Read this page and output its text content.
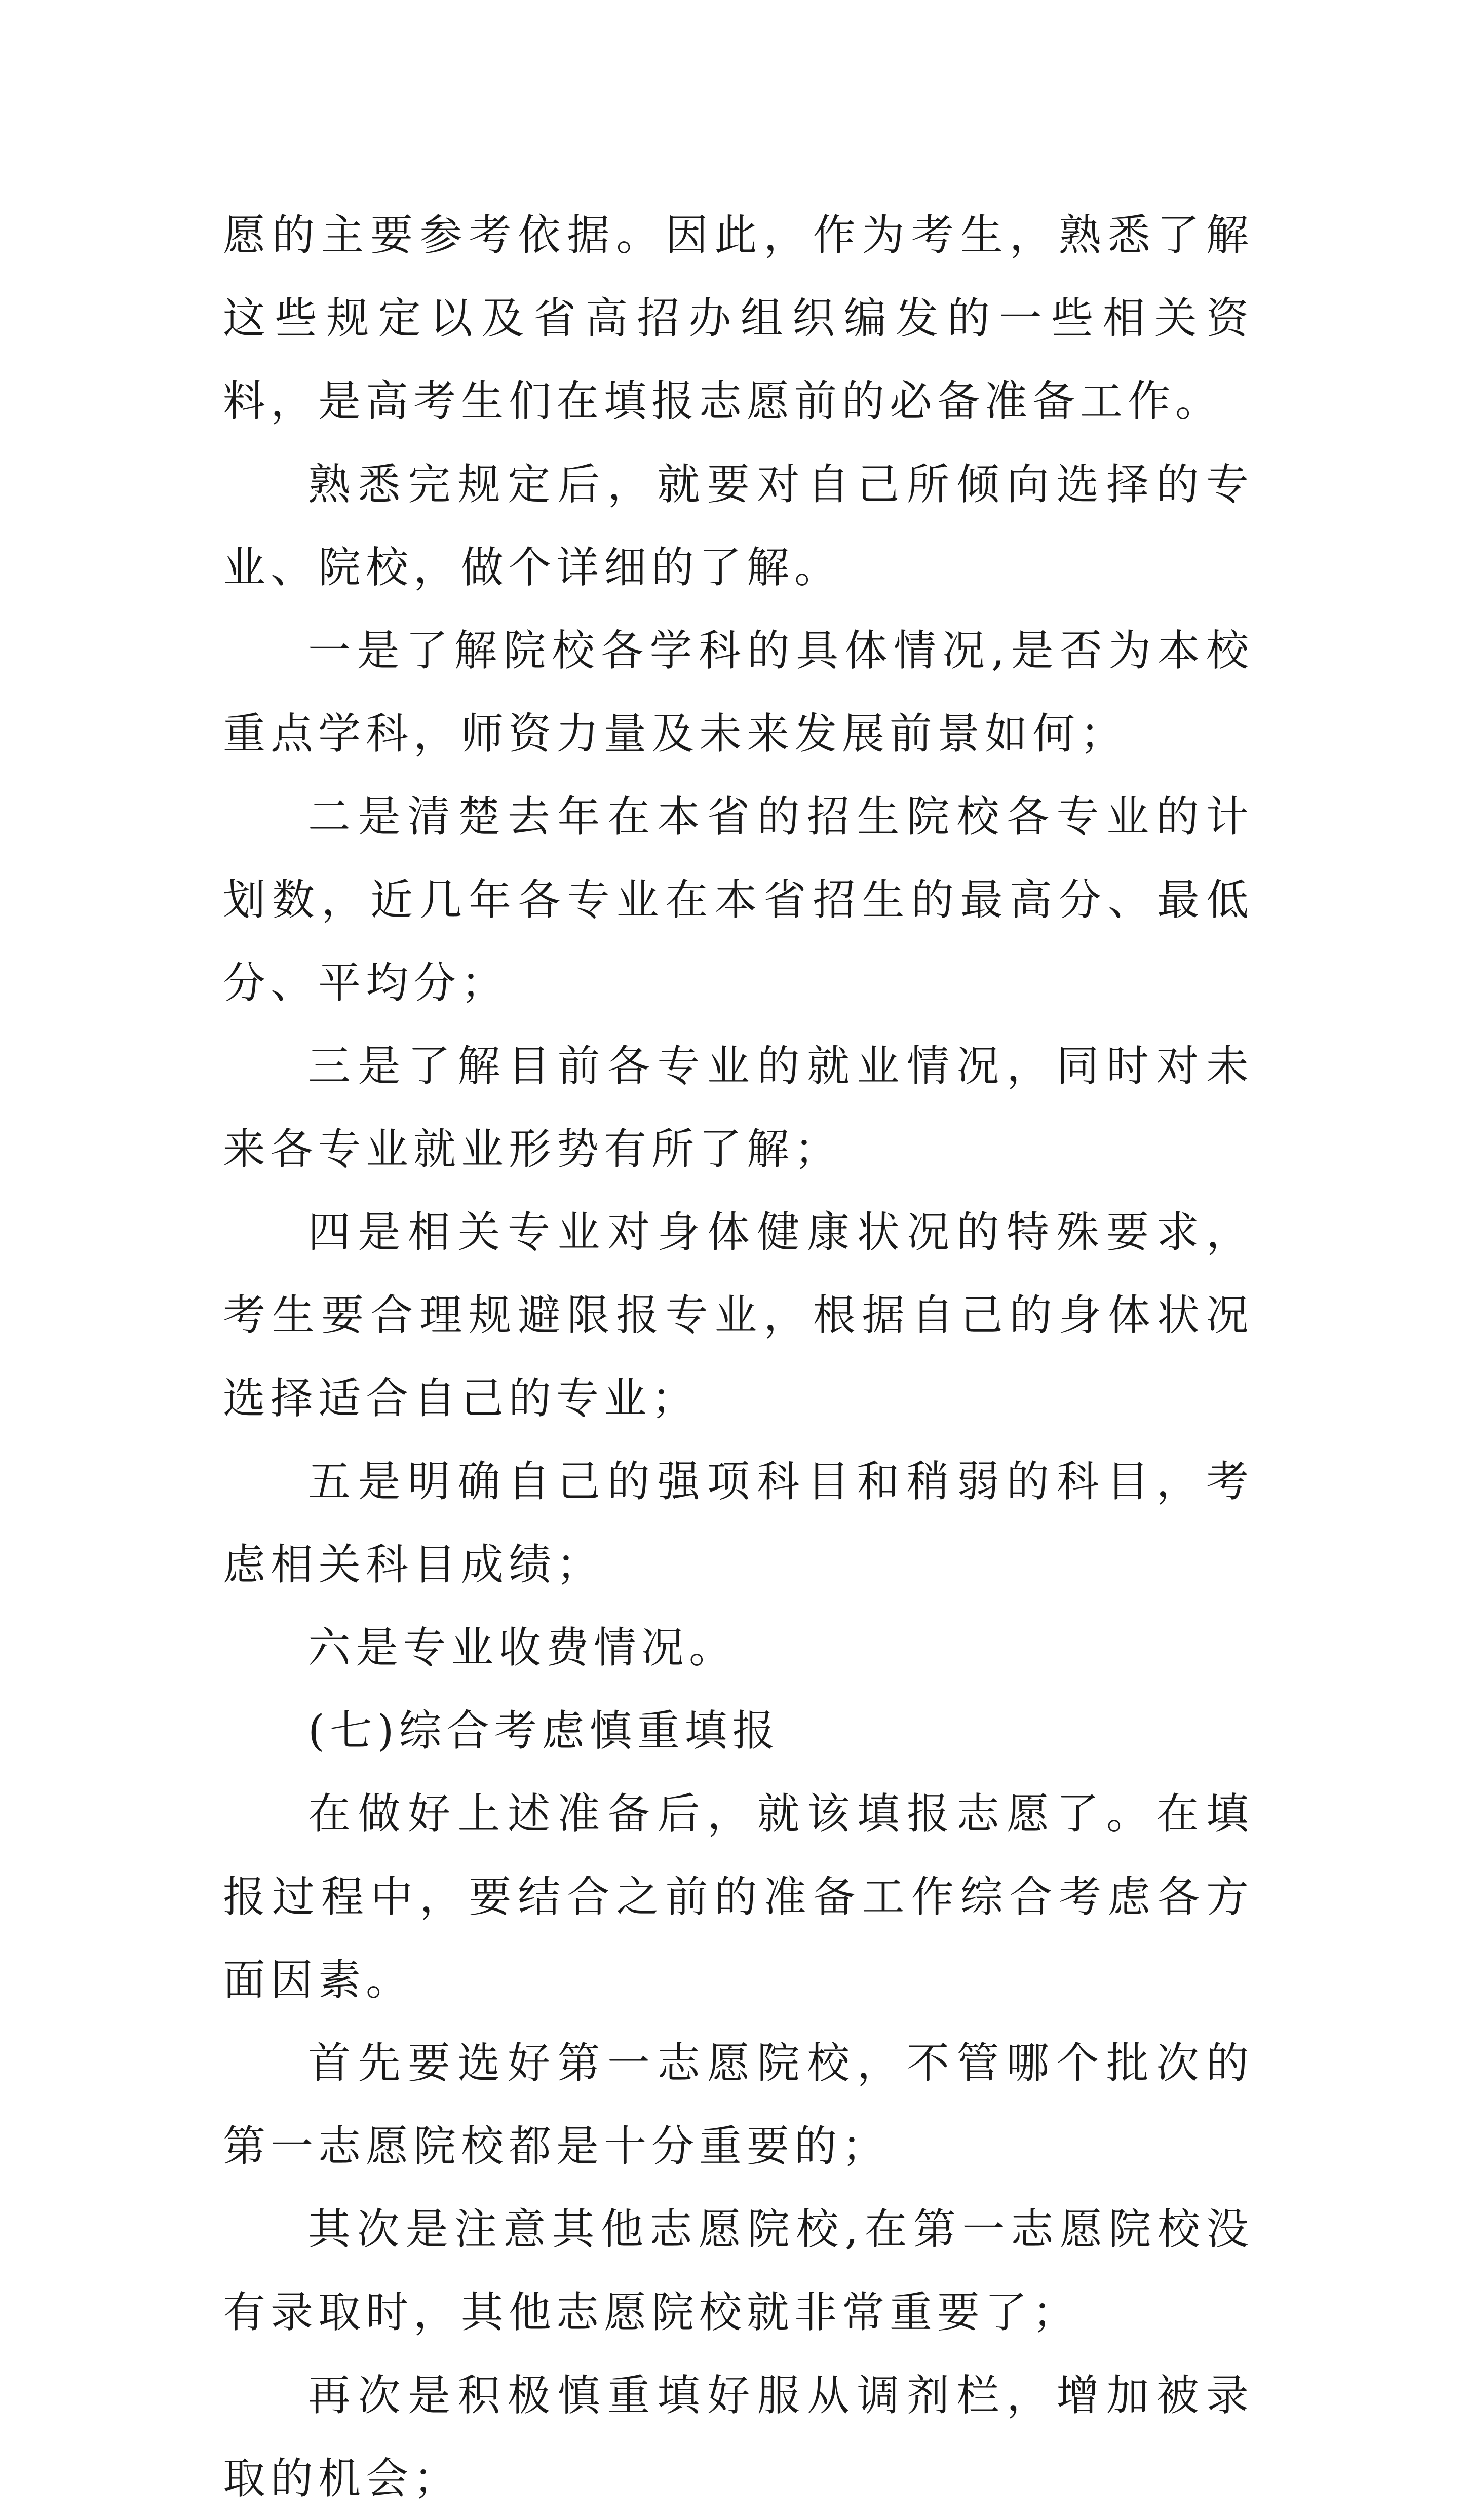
愿的主要参考依据。因此，作为考生，熟悉了解这些规定以及省高招办组织编发的一些相关资料，是高考生们在填报志愿前的必备准备工作。

熟悉完规定后，就要对自己所倾向选择的专业、院校，做个详细的了解。

一是了解院校各学科的具体情况,是否为本校重点学科，师资力量及未来发展前景如何；

二是清楚去年在本省的招生院校各专业的计划数，近几年各专业在本省招生的最高分、最低分、平均分；

三是了解目前各专业的就业情况，同时对未来各专业就业形势有所了解；

四是相关专业对身体健康状况的特殊要求，考生要合理规避限报专业，根据自己的身体状况选择适合自己的专业；

五是明确自己的强项科目和稍弱的科目，考虑相关科目成绩；

六是专业收费情况。

(七)综合考虑慎重填报

在做好上述准备后，就该填报志愿了。在填报过程中，要结合之前的准备工作综合考虑各方面因素。

首先要选好第一志愿院校，不管哪个批次的第一志愿院校都是十分重要的；

其次是注意其他志愿院校,在第一志愿院校没有录取时，其他志愿院校就非常重要了；

再次是积极慎重填好服从调剂栏，增加被录取的机会；
